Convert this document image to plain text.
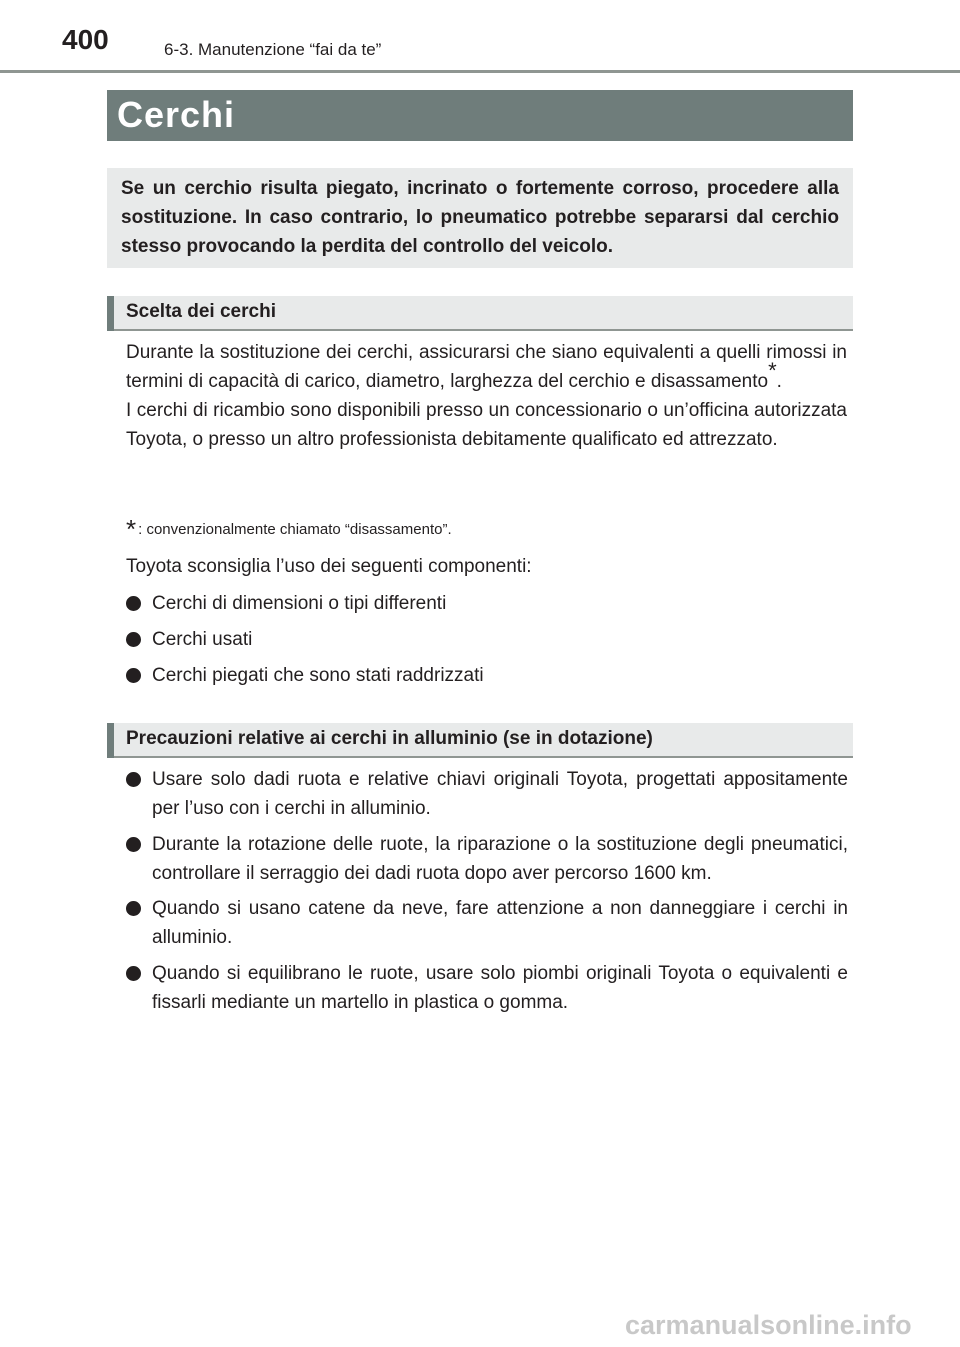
400	6-3. Manutenzione “fai da te”
Cerchi

Se un cerchio risulta piegato, incrinato o fortemente corroso, procedere alla sostituzione. In caso contrario, lo pneumatico potrebbe separarsi dal cerchio stesso provocando la perdita del controllo del veicolo.

Scelta dei cerchi

Durante la sostituzione dei cerchi, assicurarsi che siano equivalenti a quelli rimossi in termini di capacità di carico, diametro, larghezza del cerchio e disassamento*.

I cerchi di ricambio sono disponibili presso un concessionario o un’officina autorizzata Toyota, o presso un altro professionista debitamente qualificato ed attrezzato.

* : convenzionalmente chiamato “disassamento”.
Toyota sconsiglia l’uso dei seguenti componenti:
Cerchi di dimensioni o tipi differenti
Cerchi usati
Cerchi piegati che sono stati raddrizzati
Precauzioni relative ai cerchi in alluminio (se in dotazione)
Usare solo dadi ruota e relative chiavi originali Toyota, progettati appositamente per l’uso con i cerchi in alluminio.
Durante la rotazione delle ruote, la riparazione o la sostituzione degli pneumatici, controllare il serraggio dei dadi ruota dopo aver percorso 1600 km.
Quando si usano catene da neve, fare attenzione a non danneggiare i cerchi in alluminio.
Quando si equilibrano le ruote, usare solo piombi originali Toyota o equivalenti e fissarli mediante un martello in plastica o gomma.
carmanualsonline.info
